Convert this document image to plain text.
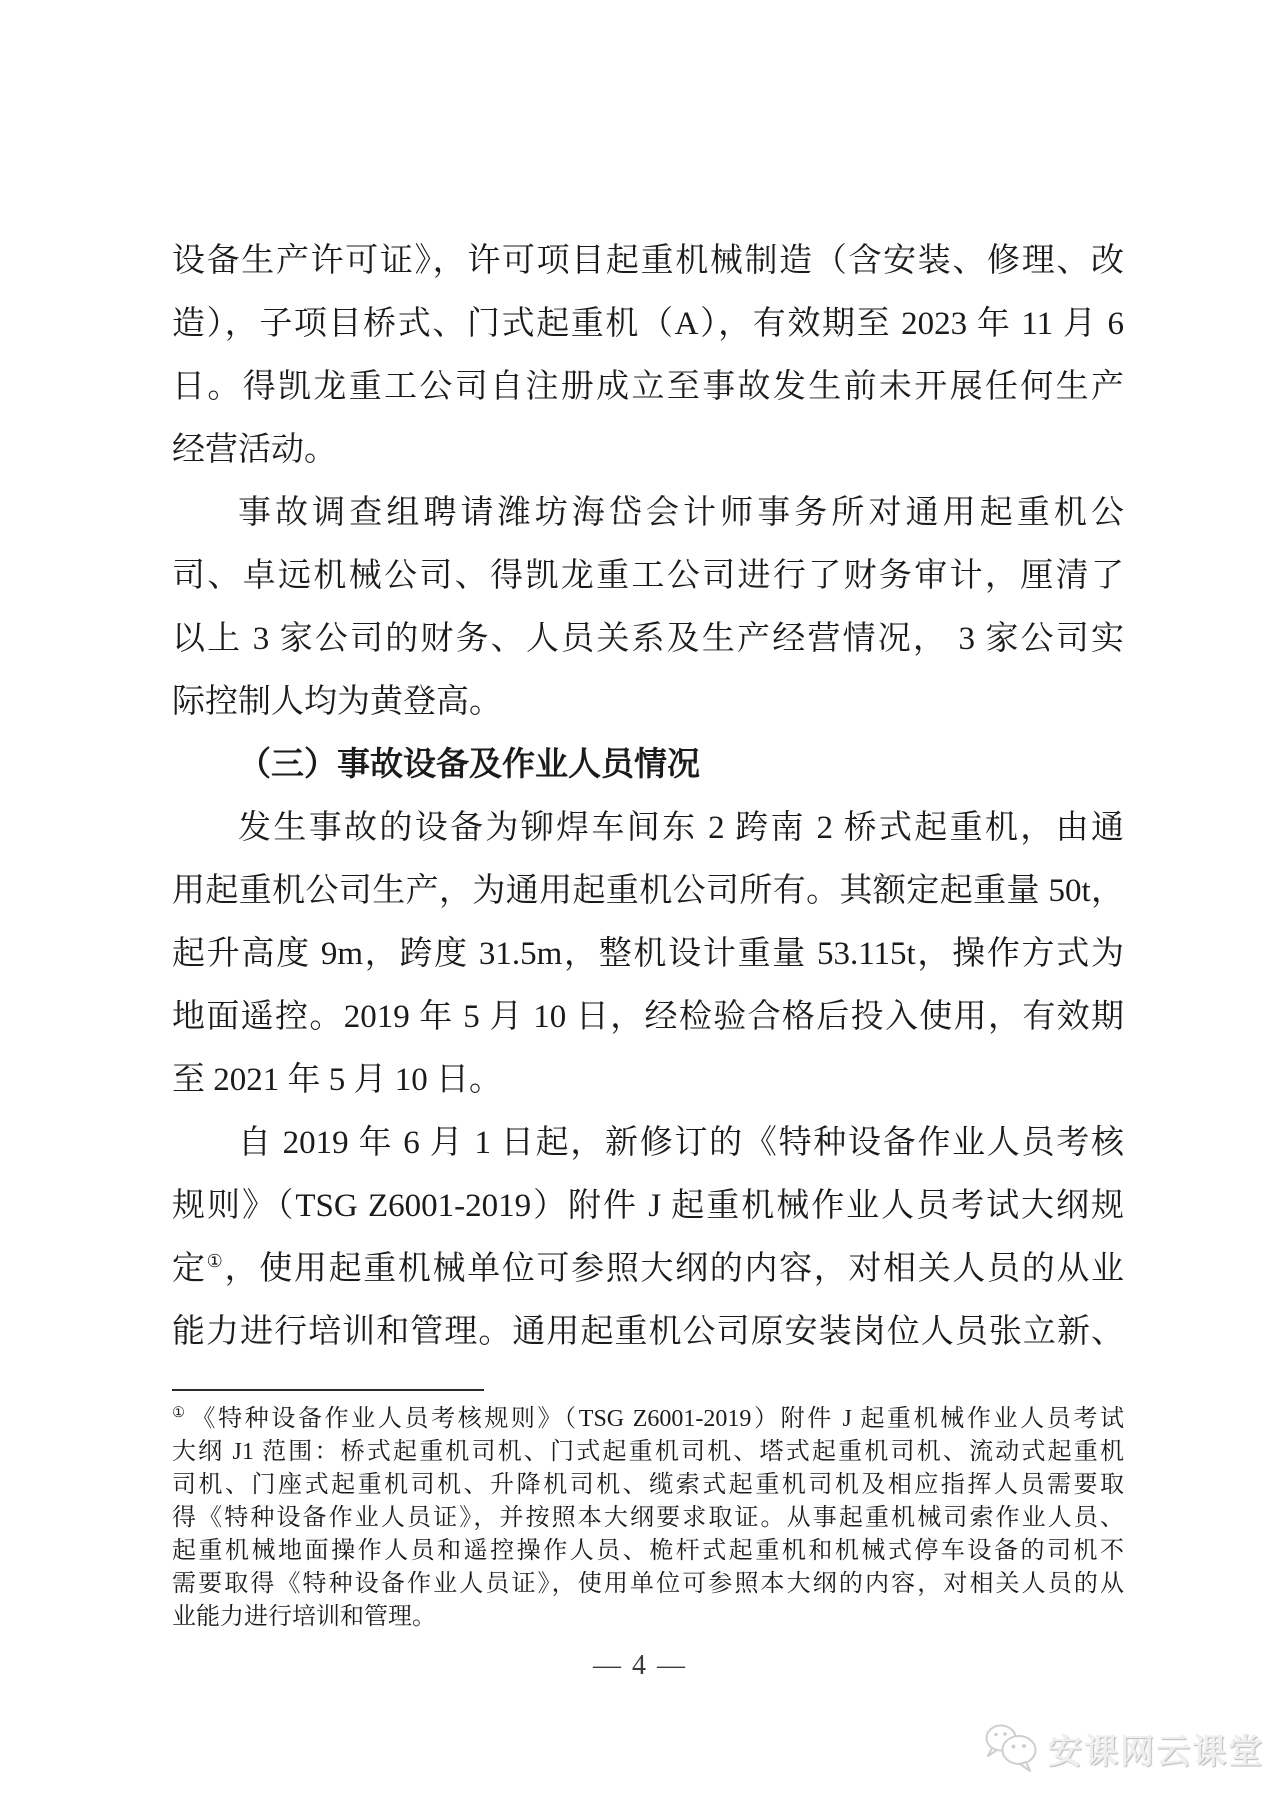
设备生产许可证》，许可项目起重机械制造（含安装、修理、改
造），子项目桥式、门式起重机（A），有效期至 2023 年 11 月 6
日。得凯龙重工公司自注册成立至事故发生前未开展任何生产
经营活动。
事故调查组聘请潍坊海岱会计师事务所对通用起重机公
司、卓远机械公司、得凯龙重工公司进行了财务审计，厘清了
以上 3 家公司的财务、人员关系及生产经营情况， 3 家公司实
际控制人均为黄登高。
（三）事故设备及作业人员情况
发生事故的设备为铆焊车间东 2 跨南 2 桥式起重机，由通
用起重机公司生产，为通用起重机公司所有。其额定起重量 50t，
起升高度 9m，跨度 31.5m，整机设计重量 53.115t，操作方式为
地面遥控。2019 年 5 月 10 日，经检验合格后投入使用，有效期
至 2021 年 5 月 10 日。
自 2019 年 6 月 1 日起，新修订的《特种设备作业人员考核
规则》（TSG Z6001-2019）附件 J 起重机械作业人员考试大纲规
定①，使用起重机械单位可参照大纲的内容，对相关人员的从业
能力进行培训和管理。通用起重机公司原安装岗位人员张立新、
① 《特种设备作业人员考核规则》（TSG Z6001-2019）附件 J 起重机械作业人员考试
大纲 J1 范围：桥式起重机司机、门式起重机司机、塔式起重机司机、流动式起重机
司机、门座式起重机司机、升降机司机、缆索式起重机司机及相应指挥人员需要取
得《特种设备作业人员证》，并按照本大纲要求取证。从事起重机械司索作业人员、
起重机械地面操作人员和遥控操作人员、桅杆式起重机和机械式停车设备的司机不
需要取得《特种设备作业人员证》，使用单位可参照本大纲的内容，对相关人员的从
业能力进行培训和管理。
— 4 —
安课网云课堂
